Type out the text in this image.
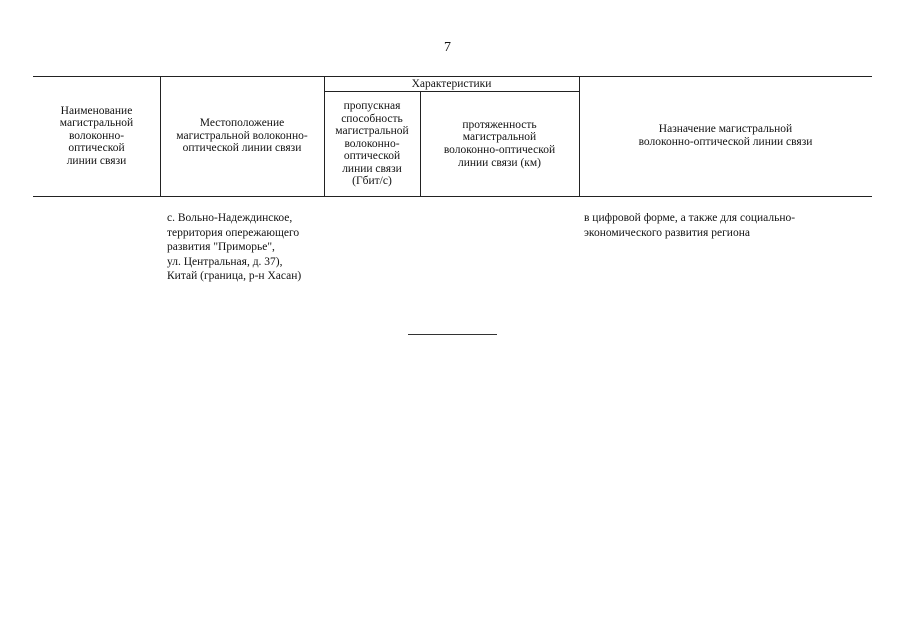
7
Наименование
магистральной
волоконно-
оптической
линии связи
Местоположение
магистральной волоконно-
оптической линии связи
Характеристики
пропускная
способность
магистральной
волоконно-
оптической
линии связи
(Гбит/с)
протяженность
магистральной
волоконно-оптической
линии связи (км)
Назначение магистральной
волоконно-оптической линии связи
с. Вольно-Надеждинское,
территория опережающего
развития "Приморье",
ул. Центральная, д. 37),
Китай (граница, р-н Хасан)
в цифровой форме, а также для социально-
экономического развития региона
